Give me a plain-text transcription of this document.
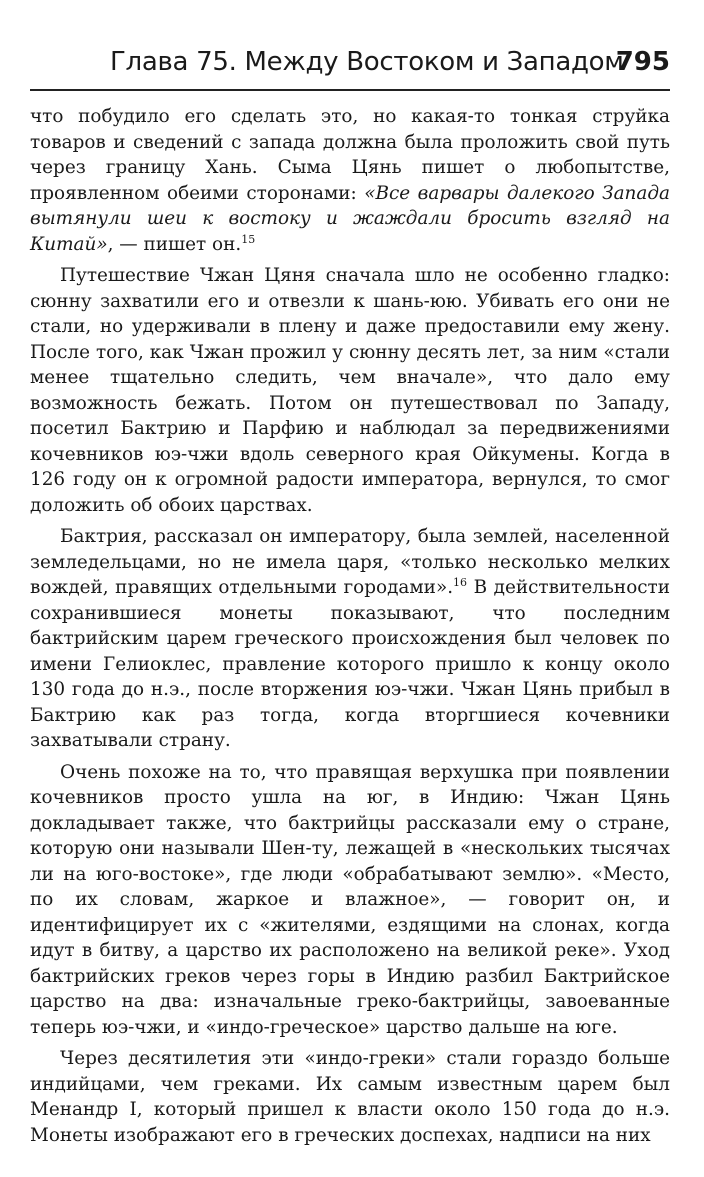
Глава 75. Между Востоком и Западом
795

что побудило его сделать это, но какая-то тонкая струйка товаров и сведений с запада должна была проложить свой путь через границу Хань. Сыма Цянь пишет о любопытстве, проявленном обеими сторонами: «Все варвары далекого Запада вытянули шеи к востоку и жаждали бросить взгляд на Китай», — пишет он.$^{15}$

Путешествие Чжан Цяня сначала шло не особенно гладко: сюнну захватили его и отвезли к шань-юю. Убивать его они не стали, но удерживали в плену и даже предоставили ему жену. После того, как Чжан прожил у сюнну десять лет, за ним «стали менее тщательно следить, чем вначале», что дало ему возможность бежать. Потом он путешествовал по Западу, посетил Бактрию и Парфию и наблюдал за передвижениями кочевников юэ-чжи вдоль северного края Ойкумены. Когда в 126 году он к огромной радости императора, вернулся, то смог доложить об обоих царствах.

Бактрия, рассказал он императору, была землей, населенной земледельцами, но не имела царя, «только несколько мелких вождей, правящих отдельными городами».$^{16}$ В действительности сохранившиеся монеты показывают, что последним бактрийским царем греческого происхождения был человек по имени Гелиоклес, правление которого пришло к концу около 130 года до н.э., после вторжения юэ-чжи. Чжан Цянь прибыл в Бактрию как раз тогда, когда вторгшиеся кочевники захватывали страну.

Очень похоже на то, что правящая верхушка при появлении кочевников просто ушла на юг, в Индию: Чжан Цянь докладывает также, что бактрийцы рассказали ему о стране, которую они называли Шен-ту, лежащей в «нескольких тысячах ли на юго-востоке», где люди «обрабатывают землю». «Место, по их словам, жаркое и влажное», — говорит он, и идентифицирует их с «жителями, ездящими на слонах, когда идут в битву, а царство их расположено на великой реке». Уход бактрийских греков через горы в Индию разбил Бактрийское царство на два: изначальные греко-бактрийцы, завоеванные теперь юэ-чжи, и «индо-греческое» царство дальше на юге.

Через десятилетия эти «индо-греки» стали гораздо больше индийцами, чем греками. Их самым известным царем был Менандр I, который пришел к власти около 150 года до н.э. Монеты изображают его в греческих доспехах, надписи на них
